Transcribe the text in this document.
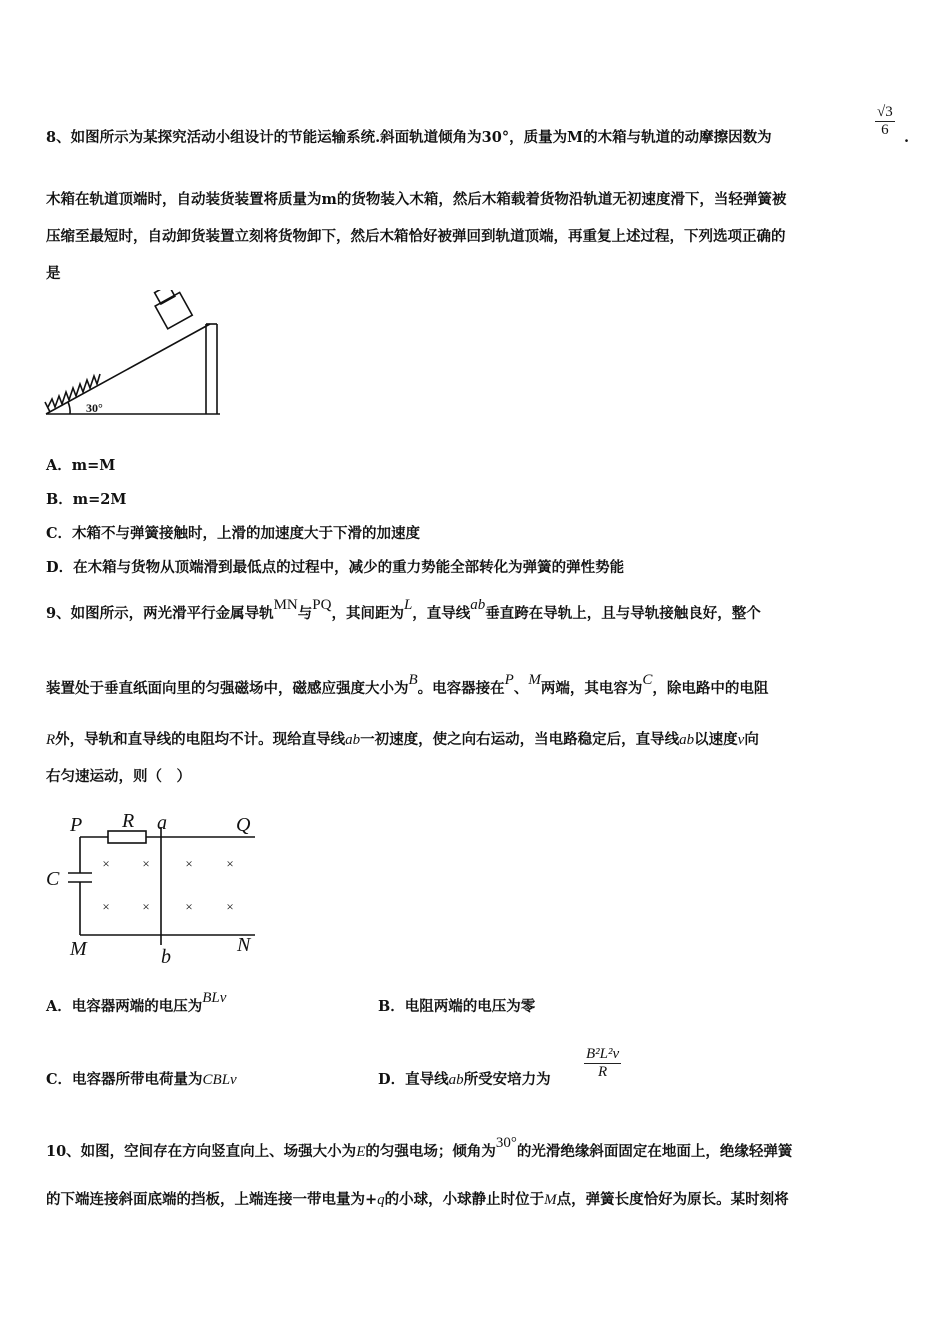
8、如图所示为某探究活动小组设计的节能运输系统.斜面轨道倾角为30°，质量为M的木箱与轨道的动摩擦因数为	$\frac{√3}{6}$ .
木箱在轨道顶端时，自动装货装置将质量为m的货物装入木箱，然后木箱载着货物沿轨道无初速度滑下，当轻弹簧被
压缩至最短时，自动卸货装置立刻将货物卸下，然后木箱恰好被弹回到轨道顶端，再重复上述过程，下列选项正确的
是
30°
A．m=M
B．m=2M
C．木箱不与弹簧接触时，上滑的加速度大于下滑的加速度
D．在木箱与货物从顶端滑到最低点的过程中，减少的重力势能全部转化为弹簧的弹性势能
9、如图所示，两光滑平行金属导轨MN与PQ，其间距为L，直导线ab垂直跨在导轨上，且与导轨接触良好，整个
装置处于垂直纸面向里的匀强磁场中，磁感应强度大小为B。电容器接在P、M两端，其电容为C，除电路中的电阻
R外，导轨和直导线的电阻均不计。现给直导线ab一初速度，使之向右运动，当电路稳定后，直导线ab以速度v向
右匀速运动，则（　）
×	×	×	×
×	×	×	×
P R a	Q
C
M	b
N
A．电容器两端的电压为BLv	B．电阻两端的电压为零
C．电容器所带电荷量为CBLv	D．直导线ab所受安培力为 $\frac{\text{B²L²v}}{R}$
10、如图，空间存在方向竖直向上、场强大小为E的匀强电场；倾角为30°的光滑绝缘斜面固定在地面上，绝缘轻弹簧
的下端连接斜面底端的挡板，上端连接一带电量为+q的小球，小球静止时位于M点，弹簧长度恰好为原长。某时刻将
